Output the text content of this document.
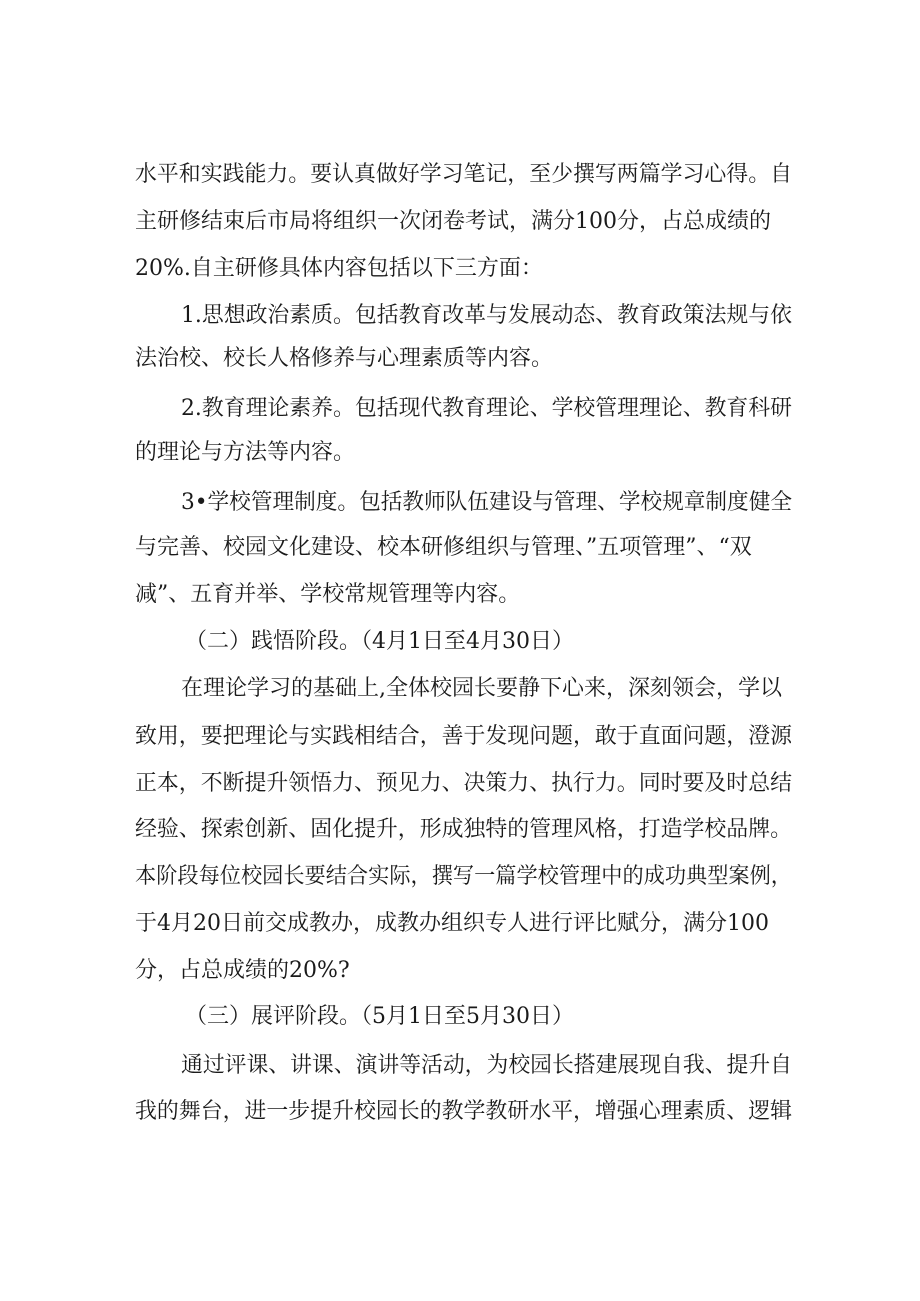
水平和实践能力。要认真做好学习笔记，至少撰写两篇学习心得。自
主研修结束后市局将组织一次闭卷考试，满分100分，占总成绩的
20%.自主研修具体内容包括以下三方面：
1.思想政治素质。包括教育改革与发展动态、教育政策法规与依
法治校、校长人格修养与心理素质等内容。
2.教育理论素养。包括现代教育理论、学校管理理论、教育科研
的理论与方法等内容。
3•学校管理制度。包括教师队伍建设与管理、学校规章制度健全
与完善、校园文化建设、校本研修组织与管理、”五项管理”、“双
减”、五育并举、学校常规管理等内容。
（二）践悟阶段。（4月1日至4月30日）
在理论学习的基础上,全体校园长要静下心来，深刻领会，学以
致用，要把理论与实践相结合，善于发现问题，敢于直面问题，澄源
正本，不断提升领悟力、预见力、决策力、执行力。同时要及时总结
经验、探索创新、固化提升，形成独特的管理风格，打造学校品牌。
本阶段每位校园长要结合实际，撰写一篇学校管理中的成功典型案例，
于4月20日前交成教办，成教办组织专人进行评比赋分，满分100
分，占总成绩的20%?
（三）展评阶段。（5月1日至5月30日）
通过评课、讲课、演讲等活动，为校园长搭建展现自我、提升自
我的舞台，进一步提升校园长的教学教研水平，增强心理素质、逻辑
